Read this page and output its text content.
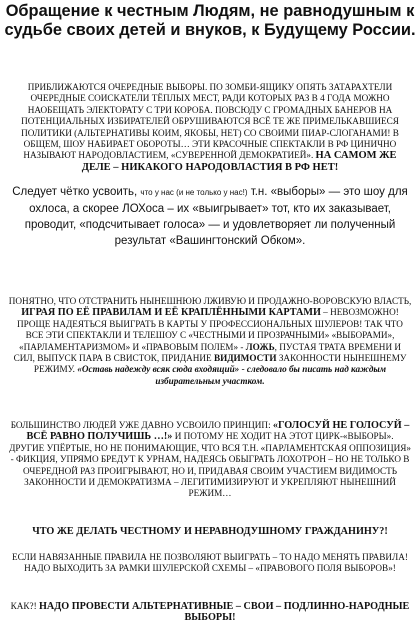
Обращение к честным Людям, не равнодушным к судьбе своих детей и внуков, к Будущему России.

ПРИБЛИЖАЮТСЯ ОЧЕРЕДНЫЕ ВЫБОРЫ. ПО ЗОМБИ-ЯЩИКУ ОПЯТЬ ЗАТАРАХТЕЛИ ОЧЕРЕДНЫЕ СОИСКАТЕЛИ ТЁПЛЫХ МЕСТ, РАДИ КОТОРЫХ РАЗ В 4 ГОДА МОЖНО НАОБЕЩАТЬ ЭЛЕКТОРАТУ С ТРИ КОРОБА. ПОВСЮДУ С ГРОМАДНЫХ БАНЕРОВ НА ПОТЕНЦИАЛЬНЫХ ИЗБИРАТЕЛЕЙ ОБРУШИВАЮТСЯ ВСЁ ТЕ ЖЕ ПРИМЕЛЬКАВШИЕСЯ ПОЛИТИКИ (АЛЬТЕРНАТИВЫ КОИМ, ЯКОБЫ, НЕТ) СО СВОИМИ ПИАР-СЛОГАНАМИ! В ОБЩЕМ, ШОУ НАБИРАЕТ ОБОРОТЫ… ЭТИ КРАСОЧНЫЕ СПЕКТАКЛИ В РФ ЦИНИЧНО НАЗЫВАЮТ НАРОДОВЛАСТИЕМ, «СУВЕРЕННОЙ ДЕМОКРАТИЕЙ». НА САМОМ ЖЕ ДЕЛЕ – НИКАКОГО НАРОДОВЛАСТИЯ В РФ НЕТ!

Следует чётко усвоить, что у нас (и не только у нас!) т.н. «выборы» — это шоу для охлоса, а скорее ЛОХоса – их «выигрывает» тот, кто их заказывает, проводит, «подсчитывает голоса» — и удовлетворяет ли полученный результат «Вашингтонский Обком».

ПОНЯТНО, ЧТО ОТСТРАНИТЬ НЫНЕШНЮЮ ЛЖИВУЮ И ПРОДАЖНО-ВОРОВСКУЮ ВЛАСТЬ, ИГРАЯ ПО ЕЁ ПРАВИЛАМ И ЕЁ КРАПЛЁННЫМИ КАРТАМИ – НЕВОЗМОЖНО! ПРОЩЕ НАДЕЯТЬСЯ ВЫИГРАТЬ В КАРТЫ У ПРОФЕССИОНАЛЬНЫХ ШУЛЕРОВ! ТАК ЧТО ВСЕ ЭТИ СПЕКТАКЛИ И ТЕЛЕШОУ С «ЧЕСТНЫМИ И ПРОЗРАЧНЫМИ» «ВЫБОРАМИ», «ПАРЛАМЕНТАРИЗМОМ» И «ПРАВОВЫМ ПОЛЕМ» - ЛОЖЬ, ПУСТАЯ ТРАТА ВРЕМЕНИ И СИЛ, ВЫПУСК ПАРА В СВИСТОК, ПРИДАНИЕ ВИДИМОСТИ ЗАКОННОСТИ НЫНЕШНЕМУ РЕЖИМУ. «Оставь надежду всяк сюда входящий» - следовало бы писать над каждым избирательным участком.

БОЛЬШИНСТВО ЛЮДЕЙ УЖЕ ДАВНО УСВОИЛО ПРИНЦИП: «ГОЛОСУЙ НЕ ГОЛОСУЙ – ВСЁ РАВНО ПОЛУЧИШЬ …!» И ПОТОМУ НЕ ХОДИТ НА ЭТОТ ЦИРК-«ВЫБОРЫ». ДРУГИЕ УПЁРТЫЕ, НО НЕ ПОНИМАЮЩИЕ, ЧТО ВСЯ Т.Н. «ПАРЛАМЕНТСКАЯ ОППОЗИЦИЯ» - ФИКЦИЯ, УПРЯМО БРЕДУТ К УРНАМ, НАДЕЯСЬ ОБЫГРАТЬ ЛОХОТРОН – НО НЕ ТОЛЬКО В ОЧЕРЕДНОЙ РАЗ ПРОИГРЫВАЮТ, НО И, ПРИДАВАЯ СВОИМ УЧАСТИЕМ ВИДИМОСТЬ ЗАКОННОСТИ И ДЕМОКРАТИЗМА – ЛЕГИТИМИЗИРУЮТ И УКРЕПЛЯЮТ НЫНЕШНИЙ РЕЖИМ…

ЧТО ЖЕ ДЕЛАТЬ ЧЕСТНОМУ И НЕРАВНОДУШНОМУ ГРАЖДАНИНУ?!

ЕСЛИ НАВЯЗАННЫЕ ПРАВИЛА НЕ ПОЗВОЛЯЮТ ВЫИГРАТЬ – ТО НАДО МЕНЯТЬ ПРАВИЛА! НАДО ВЫХОДИТЬ ЗА РАМКИ ШУЛЕРСКОЙ СХЕМЫ – «ПРАВОВОГО ПОЛЯ ВЫБОРОВ»!

КАК?! НАДО ПРОВЕСТИ АЛЬТЕРНАТИВНЫЕ – СВОИ – ПОДЛИННО-НАРОДНЫЕ ВЫБОРЫ!
